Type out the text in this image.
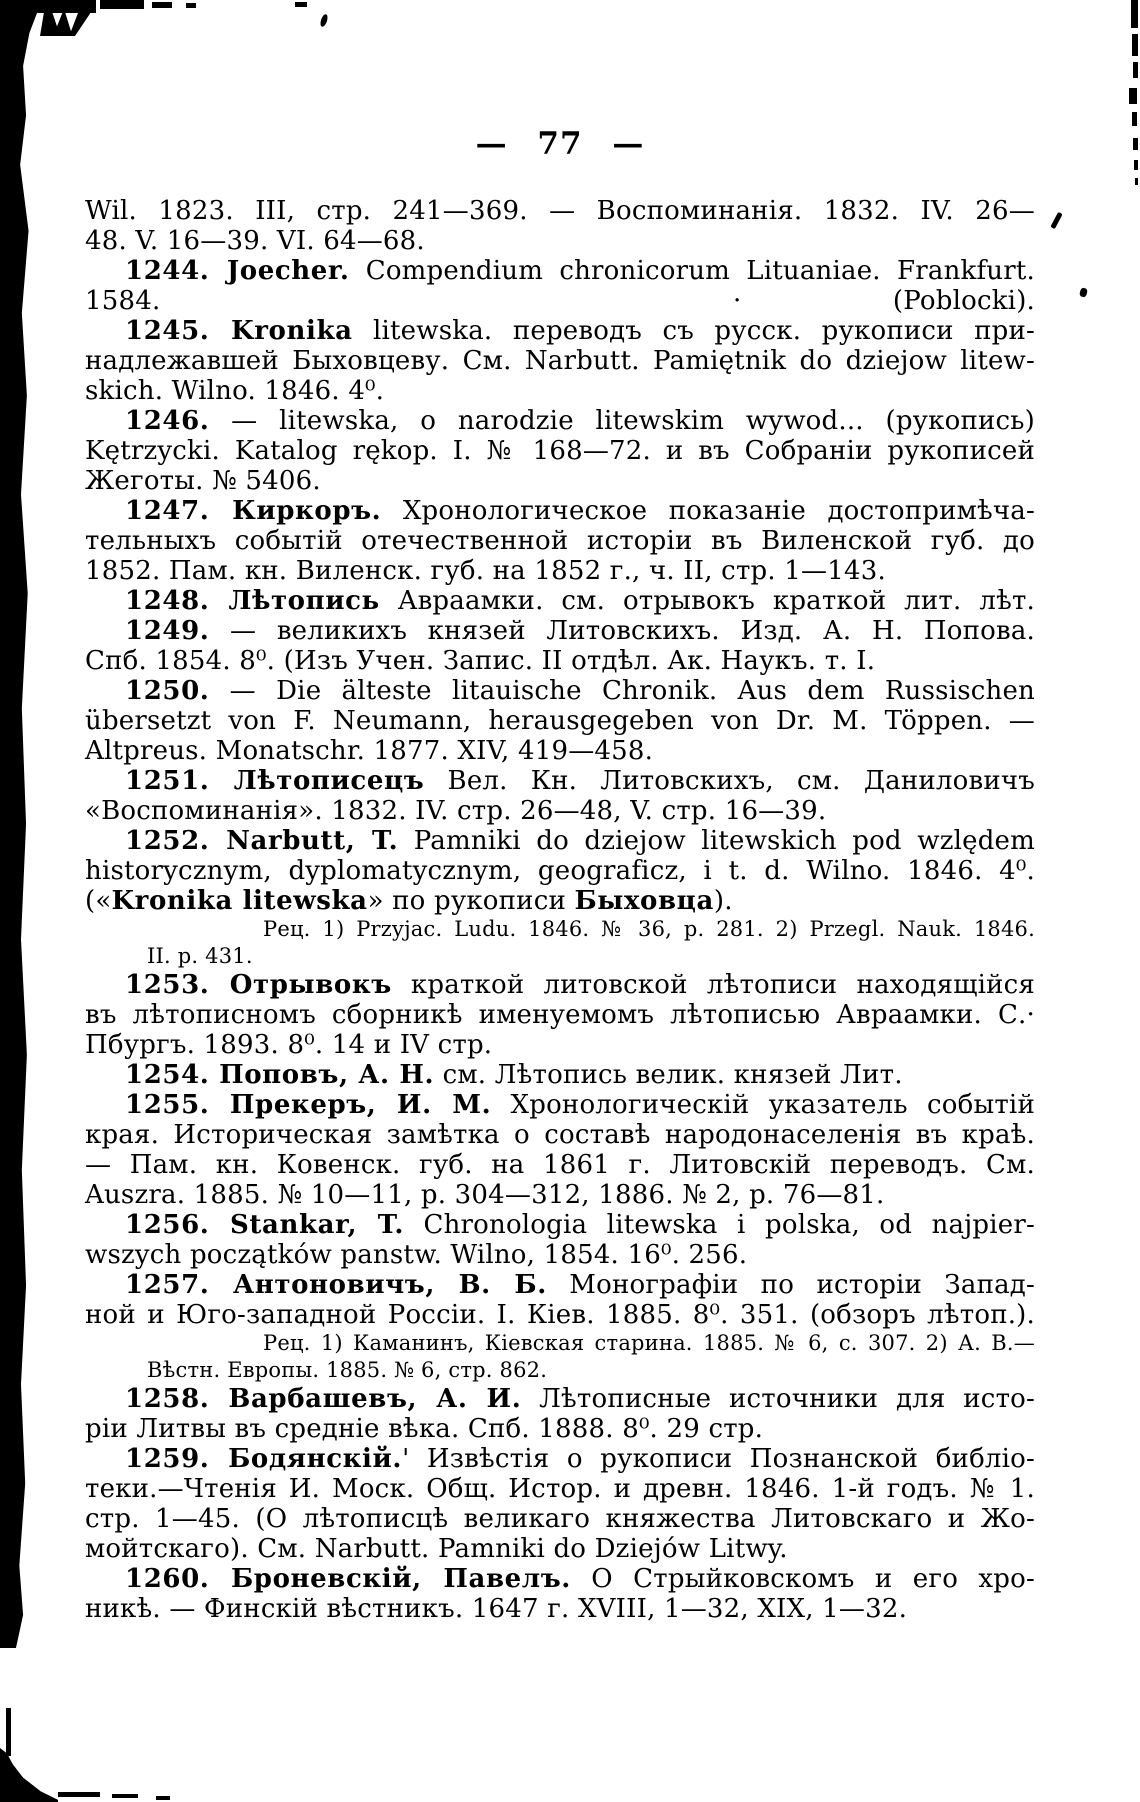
— 77 —
Wil. 1823. III, стр. 241—369. — Воспоминанія. 1832. IV. 26—
48. V. 16—39. VI. 64—68.
1244. Joecher. Compendium chronicorum Lituaniae. Frankfurt.
1584.	·	(Poblocki).
1245. Kronika litewska. переводъ съ русск. рукописи при-
надлежавшей Быховцеву. См. Narbutt. Pamiętnik do dziejow litew-
skich. Wilno. 1846. 4⁰.
1246. — litewska, o narodzie litewskim wywod... (рукопись)
Kętrzycki. Katalog rękop. I. № 168—72. и въ Собраніи рукописей
Жеготы. № 5406.
1247. Киркоръ. Хронологическое показаніе достопримѣча-
тельныхъ событій отечественной исторіи въ Виленской губ. до
1852. Пам. кн. Виленск. губ. на 1852 г., ч. II, стр. 1—143.
1248. Лѣтопись Авраамки. см. отрывокъ краткой лит. лѣт.
1249. — великихъ князей Литовскихъ. Изд. А. Н. Попова.
Спб. 1854. 8⁰. (Изъ Учен. Запис. II отдѣл. Ак. Наукъ. т. I.
1250. — Die älteste litauische Chronik. Aus dem Russischen
übersetzt von F. Neumann, herausgegeben von Dr. M. Töppen. —
Altpreus. Monatschr. 1877. XIV, 419—458.
1251. Лѣтописецъ Вел. Кн. Литовскихъ, см. Даниловичъ
«Воспоминанія». 1832. IV. стр. 26—48, V. стр. 16—39.
1252. Narbutt, T. Pamniki do dziejow litewskich pod wzlędem
historycznym, dyplomatycznym, geograficz, i t. d. Wilno. 1846. 4⁰.
(«Kronika litewska» по рукописи Быховца).
Рец. 1) Przyjac. Ludu. 1846. № 36, p. 281. 2) Przegl. Nauk. 1846.
II. p. 431.
1253. Отрывокъ краткой литовской лѣтописи находящійся
въ лѣтописномъ сборникѣ именуемомъ лѣтописью Авраамки. С.·
Пбургъ. 1893. 8⁰. 14 и IV стр.
1254. Поповъ, А. Н. см. Лѣтопись велик. князей Лит.
1255. Прекеръ, И. М. Хронологическій указатель событій
края. Историческая замѣтка о составѣ народонаселенія въ краѣ.
— Пам. кн. Ковенск. губ. на 1861 г. Литовскій переводъ. См.
Auszra. 1885. № 10—11, p. 304—312, 1886. № 2, p. 76—81.
1256. Stankar, T. Chronologia litewska i polska, od najpier-
wszych początków panstw. Wilno, 1854. 16⁰. 256.
1257. Антоновичъ, В. Б. Монографіи по исторіи Запад-
ной и Юго-западной Россіи. I. Кіев. 1885. 8⁰. 351. (обзоръ лѣтоп.).
Рец. 1) Каманинъ, Кіевская старина. 1885. № 6, с. 307. 2) А. В.—
Вѣстн. Европы. 1885. № 6, стр. 862.
1258. Варбашевъ, А. И. Лѣтописные источники для исто-
ріи Литвы въ средніе вѣка. Спб. 1888. 8⁰. 29 стр.
1259. Бодянскій.' Извѣстія о рукописи Познанской библіо-
теки.—Чтенія И. Моск. Общ. Истор. и древн. 1846. 1-й годъ. № 1.
стр. 1—45. (О лѣтописцѣ великаго княжества Литовскаго и Жо-
мойтскаго). См. Narbutt. Pamniki do Dziejów Litwy.
1260. Броневскій, Павелъ. О Стрыйковскомъ и его хро-
никѣ. — Финскій вѣстникъ. 1647 г. XVIII, 1—32, XIX, 1—32.
